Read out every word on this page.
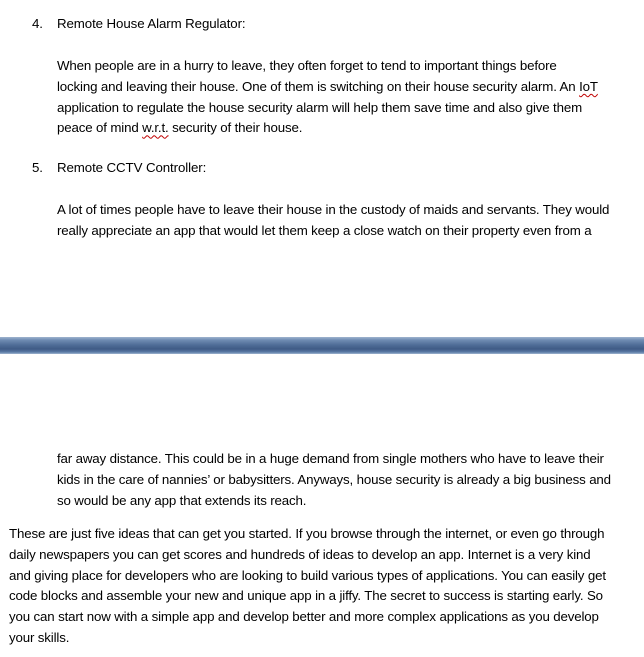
4. Remote House Alarm Regulator:
When people are in a hurry to leave, they often forget to tend to important things before
locking and leaving their house. One of them is switching on their house security alarm. An IoT
application to regulate the house security alarm will help them save time and also give them
peace of mind w.r.t. security of their house.
5. Remote CCTV Controller:
A lot of times people have to leave their house in the custody of maids and servants. They would
really appreciate an app that would let them keep a close watch on their property even from a
far away distance. This could be in a huge demand from single mothers who have to leave their
kids in the care of nannies’ or babysitters. Anyways, house security is already a big business and
so would be any app that extends its reach.
These are just five ideas that can get you started. If you browse through the internet, or even go through
daily newspapers you can get scores and hundreds of ideas to develop an app. Internet is a very kind
and giving place for developers who are looking to build various types of applications. You can easily get
code blocks and assemble your new and unique app in a jiffy. The secret to success is starting early. So
you can start now with a simple app and develop better and more complex applications as you develop
your skills.
